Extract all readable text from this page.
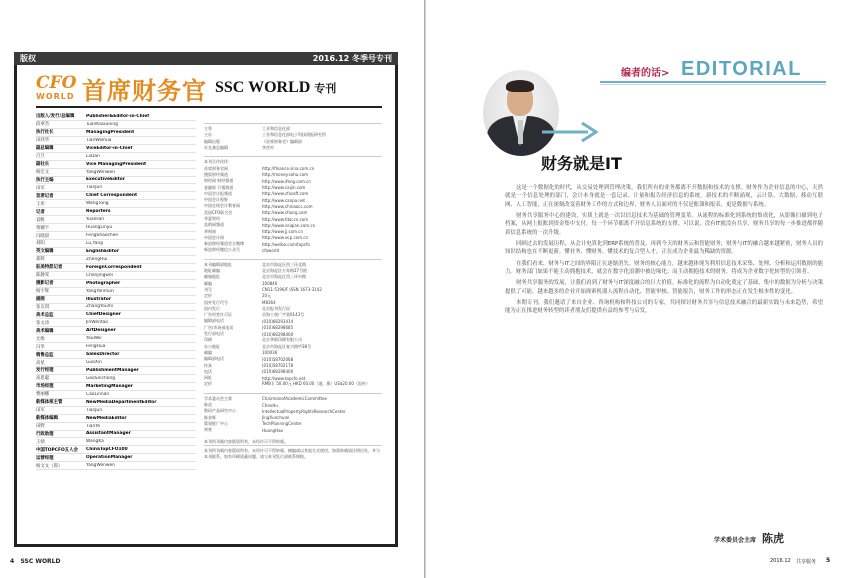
版权	2016.12 冬季号专刊
CFO
WORLD 首席财务官 SSC WORLD 专刊
出版人/发行/总编辑	Publisher&Editor-in-Chief
段翠杰	TuanKaixuning
执行社长	ManagingPresident
田炜华	TianWeihua
副总编辑	ViceEditor-in-Chief
吕旦	LvDan
副社长	Vice ManagingPresident
杨宏文	YangWenwen
执行主编	ExecutiveEditor
田军	TianJun
首席记者	Chief Correspondent
王彤	WangTong
记者	Reporters
袁帆	YuanFan
黄耀宇	HuangLinyu
冯晓晨	FengShaochen
刘阳	Lu,Yang
英文编辑	EnglishEditor
郑辉	ZhengHui
驻美特派记者	ForeignCorrespondent
陈静雯	ChenJingwei
摄影记者	Photographer
杨宇辉	YangYanmun
插图	Illustrator
张友琪	ZhangYoumi
美术总监	ChiefDesigner
张文涛	JinWentao
美术编辑	ArtDesigner
尤维	YouWei
冯华	FengHua
销售总监	SalesDirector
高星	GuoXin
发行经理	PublishmentManager
高思聪	GaoSinchong
市场经理	MarketingManager
曹丽娜	CaoLinnan
新媒体部主管	NewMediaDepartmentEditor
田军	TianJun
新媒体编辑	NewMediaEditor
田野	TianYe
行政助理	AssistantManager
王婧	WangKa
中国TOPCFO五人会	ChinaTopCFO100
运营经理	OperationManager
杨文文（郎）	YangWenwen
主管	工业和信息化部
主办	工业和信息化部电子科技情报研究所
编辑出版	《首席财务官》编辑部
社长兼总编辑	李彦衫
本刊合作伙伴：
首席财务官网	http://finance.sina.com.cn
搜狐财经频道	http://money.sohu.com
财经网 财经频道	http://www.ifeng.com.cn
金融界 行情频道	http://www.caijin.com
中国会计报频道	http://www.cfosoft.com
中国会计视野	http://www.canpa.net
中国在线会计教育网	http://www.chinaacc.com
美国CFO联合会	http://www.cfoorg.com
华夏财经	http://www.fdaccn.com
直销网频道	http://www.ceiqian.com.cn
华财网	http://www.jj.com.cn
中国会计网	http://www.ecp.com.cn
新浪财经频道官方微博	http://weibo.com/topcfo
新浪财经微信公众号	cfoworld
本刊编辑部地址	北京市海淀区西三环北路
地址邮编	北京海淀区万寿路27号院
邮箱地址	北京市海淀区西三环中路
邮编	100846
刊号	CN11-5196/F ISSN 1673-3142
定价	20元
国外发行代号	M8364
国内发行	北京报刊发行局
广告经营许可证	京海工商广字第0143号
编辑部电话	(010)68293414
广告/市场部电话	(010)68298685
发行部电话	(010)68298400
印刷	北京华联印刷有限公司
办公地址	北京市海淀区复兴路甲38号
邮编	100036
编辑部电话	(010)58702068
传真	(010)58702178
电话	(010)68298400
网址	http://www.topcfo.net
定价	RMB￥ 50.00元 HKD 60.00（港、澳）US$20.00（国外）
学术委员会主席	ChairmanofAcademicCommittee
陈虎	ChenHu
数码产品研究中心	IntellectualPropertyRightsResearchCenter
陈金辉	JingXunchuan
策划推广中心	TechPlanningCenter
黄豪	HuangHao
本刊所刊载内容版权所有，未经许可不得转载。
本刊所刊载内容版权所有，未经许可不得转载、摘编或以其他方式使用，如需转载请注明出处，并与本刊联系。如有印刷质量问题，请与本刊发行部联系调换。
4 SSC WORLD
编者的话> EDITORIAL
财务就是IT

这是一个数据化的时代，从交易处理到管理决策，我们所有的业务都离不开数据和技术的支撑。财务作为企业信息的中心，天然就是一个信息处理的部门，会计本身就是一套记录、计量和报告经济信息的系统。新技术的不断涌现，云计算、大数据、移动互联网、人工智能，正在深刻改变着财务工作的方式和边界，财务人员面对的不仅是账簿和报表，更是数据与系统。

财务共享服务中心的建设，实质上就是一次以信息技术为基础的管理变革。从流程的标准化到系统的集成化，从影像扫描到电子档案，从网上报账到资金集中支付，每一个环节都离不开信息系统的支撑。可以说，没有IT就没有共享，财务共享的每一步推进都伴随着信息系统的一次升级。

回顾过去的发展历程，从会计电算化到ERP系统的普及，再到今天的财务云和智能财务，财务与IT的融合越来越紧密，财务人员的知识结构也在不断更新。懂业务、懂财务、懂技术的复合型人才，正在成为企业最为稀缺的资源。

在我们看来，财务与IT之间的界限正在逐渐消失。财务的核心能力，越来越体现为利用信息技术采集、处理、分析和运用数据的能力。财务部门如果不能主动拥抱技术，就会在数字化浪潮中被边缘化；而主动拥抱技术的财务，将成为企业数字化转型的引领者。

财务共享服务的发展，让我们看到了财务与IT深度融合的巨大价值。标准化的流程为自动化奠定了基础，集中的数据为分析与决策提供了可能。越来越多的企业开始探索机器人流程自动化、智能审核、智能报告，财务工作的形态正在发生根本性的变化。

本期专刊，我们邀请了来自企业、咨询机构和科技公司的专家，共同探讨财务共享与信息技术融合的最新实践与未来趋势，希望能为正在推进财务转型的读者朋友们提供有益的参考与启发。

学术委员会主席 陈虎
2016.12 共享服务 5
